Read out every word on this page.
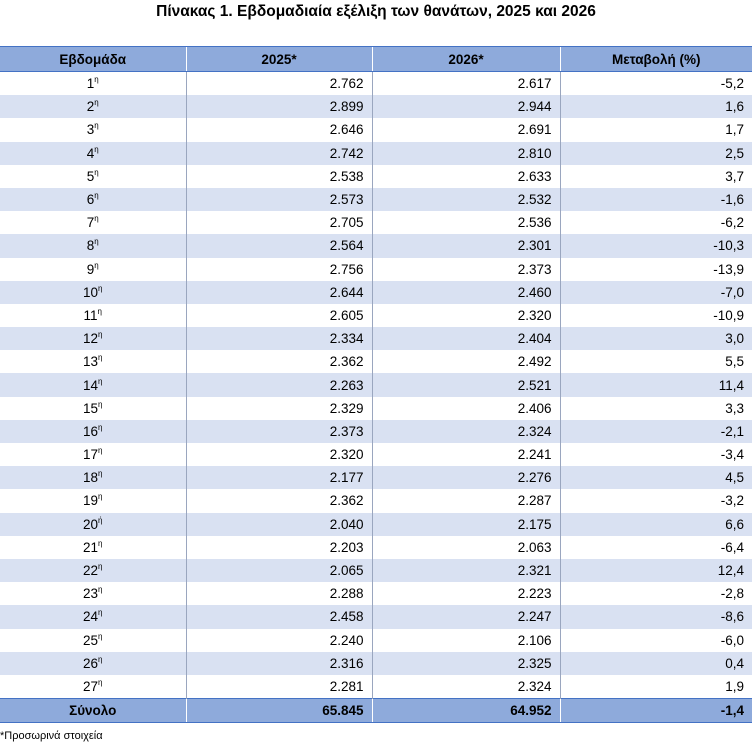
Πίνακας 1. Εβδομαδιαία εξέλιξη των θανάτων, 2025 και 2026
Εβδομάδα	2025*	2026*	Μεταβολή (%)
$1^\eta$	2.762	2.617	-5,2
$2^\eta$	2.899	2.944	1,6
$3^\eta$	2.646	2.691	1,7
$4^\eta$	2.742	2.810	2,5
$5^\eta$	2.538	2.633	3,7
$6^\eta$	2.573	2.532	-1,6
$7^\eta$	2.705	2.536	-6,2
$8^\eta$	2.564	2.301	-10,3
$9^\eta$	2.756	2.373	-13,9
$10^\eta$	2.644	2.460	-7,0
$11^\eta$	2.605	2.320	-10,9
$12^\eta$	2.334	2.404	3,0
$13^\eta$	2.362	2.492	5,5
$14^\eta$	2.263	2.521	11,4
$15^\eta$	2.329	2.406	3,3
$16^\eta$	2.373	2.324	-2,1
$17^\eta$	2.320	2.241	-3,4
$18^\eta$	2.177	2.276	4,5
$19^\eta$	2.362	2.287	-3,2
$20^ή$	2.040	2.175	6,6
$21^\eta$	2.203	2.063	-6,4
$22^\eta$	2.065	2.321	12,4
$23^\eta$	2.288	2.223	-2,8
$24^\eta$	2.458	2.247	-8,6
$25^\eta$	2.240	2.106	-6,0
$26^\eta$	2.316	2.325	0,4
$27^\eta$	2.281	2.324	1,9
Σύνολο	65.845	64.952	-1,4
*Προσωρινά στοιχεία
